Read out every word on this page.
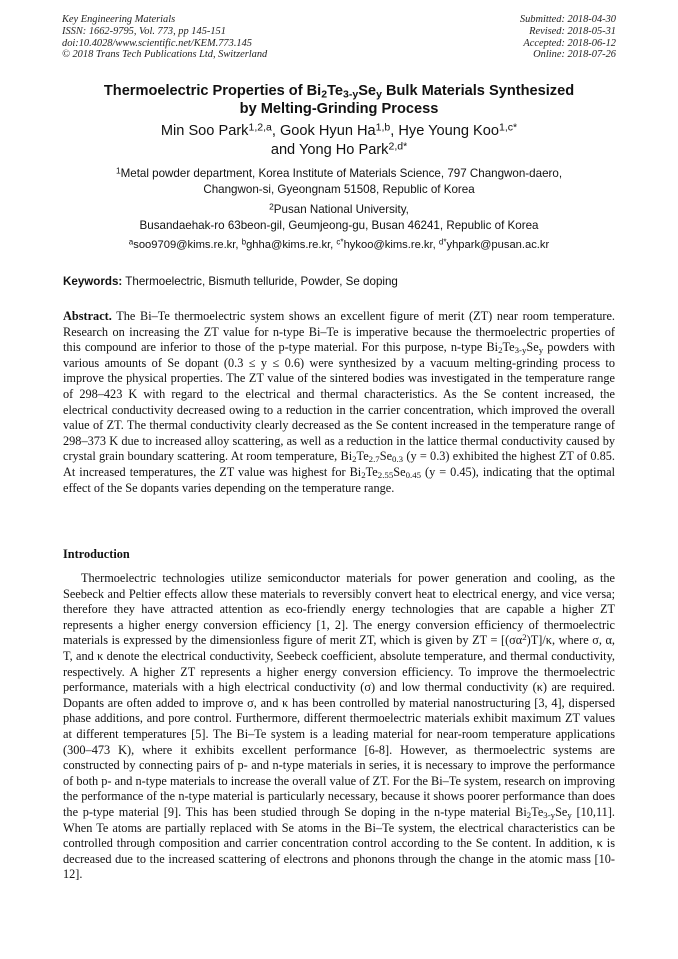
Key Engineering Materials
ISSN: 1662-9795, Vol. 773, pp 145-151
doi:10.4028/www.scientific.net/KEM.773.145
© 2018 Trans Tech Publications Ltd, Switzerland
Submitted: 2018-04-30
Revised: 2018-05-31
Accepted: 2018-06-12
Online: 2018-07-26
Thermoelectric Properties of $Bi_2Te_{3-y}Se_y$ Bulk Materials Synthesized
by Melting-Grinding Process
Min Soo Park$^{1,2,a}$, Gook Hyun Ha$^{1,b}$, Hye Young Koo$^{1,c*}$
and Yong Ho Park$^{2,d*}$
$^1$Metal powder department, Korea Institute of Materials Science, 797 Changwon-daero,
Changwon-si, Gyeongnam 51508, Republic of Korea
$^2$Pusan National University,
Busandaehak-ro 63beon-gil, Geumjeong-gu, Busan 46241, Republic of Korea
$^a$soo9709@kims.re.kr, $^b$ghha@kims.re.kr, $^{c*}$hykoo@kims.re.kr, $^{d*}$yhpark@pusan.ac.kr
Keywords: Thermoelectric, Bismuth telluride, Powder, Se doping
Abstract. The Bi–Te thermoelectric system shows an excellent figure of merit (ZT) near room temperature. Research on increasing the ZT value for n-type Bi–Te is imperative because the thermoelectric properties of this compound are inferior to those of the p-type material. For this purpose, n-type $Bi_2Te_{3-y}Se_y$ powders with various amounts of Se dopant (0.3 ≤ y ≤ 0.6) were synthesized by a vacuum melting-grinding process to improve the physical properties. The ZT value of the sintered bodies was investigated in the temperature range of 298–423 K with regard to the electrical and thermal characteristics. As the Se content increased, the electrical conductivity decreased owing to a reduction in the carrier concentration, which improved the overall value of ZT. The thermal conductivity clearly decreased as the Se content increased in the temperature range of 298–373 K due to increased alloy scattering, as well as a reduction in the lattice thermal conductivity caused by crystal grain boundary scattering. At room temperature, $Bi_2Te_{2.7}Se_{0.3}$ (y = 0.3) exhibited the highest ZT of 0.85. At increased temperatures, the ZT value was highest for $Bi_2Te_{2.55}Se_{0.45}$ (y = 0.45), indicating that the optimal effect of the Se dopants varies depending on the temperature range.
Introduction
Thermoelectric technologies utilize semiconductor materials for power generation and cooling, as the Seebeck and Peltier effects allow these materials to reversibly convert heat to electrical energy, and vice versa; therefore they have attracted attention as eco-friendly energy technologies that are capable a higher ZT represents a higher energy conversion efficiency [1, 2]. The energy conversion efficiency of thermoelectric materials is expressed by the dimensionless figure of merit ZT, which is given by ZT = $[(\sigma\alpha^2)T]/\kappa$, where σ, α, T, and κ denote the electrical conductivity, Seebeck coefficient, absolute temperature, and thermal conductivity, respectively. A higher ZT represents a higher energy conversion efficiency. To improve the thermoelectric performance, materials with a high electrical conductivity (σ) and low thermal conductivity (κ) are required. Dopants are often added to improve σ, and κ has been controlled by material nanostructuring [3, 4], dispersed phase additions, and pore control. Furthermore, different thermoelectric materials exhibit maximum ZT values at different temperatures [5]. The Bi–Te system is a leading material for near-room temperature applications (300–473 K), where it exhibits excellent performance [6-8]. However, as thermoelectric systems are constructed by connecting pairs of p- and n-type materials in series, it is necessary to improve the performance of both p- and n-type materials to increase the overall value of ZT. For the Bi–Te system, research on improving the performance of the n-type material is particularly necessary, because it shows poorer performance than does the p-type material [9]. This has been studied through Se doping in the n-type material $Bi_2Te_{3-y}Se_y$ [10,11]. When Te atoms are partially replaced with Se atoms in the Bi–Te system, the electrical characteristics can be controlled through composition and carrier concentration control according to the Se content. In addition, κ is decreased due to the increased scattering of electrons and phonons through the change in the atomic mass [10-12].
